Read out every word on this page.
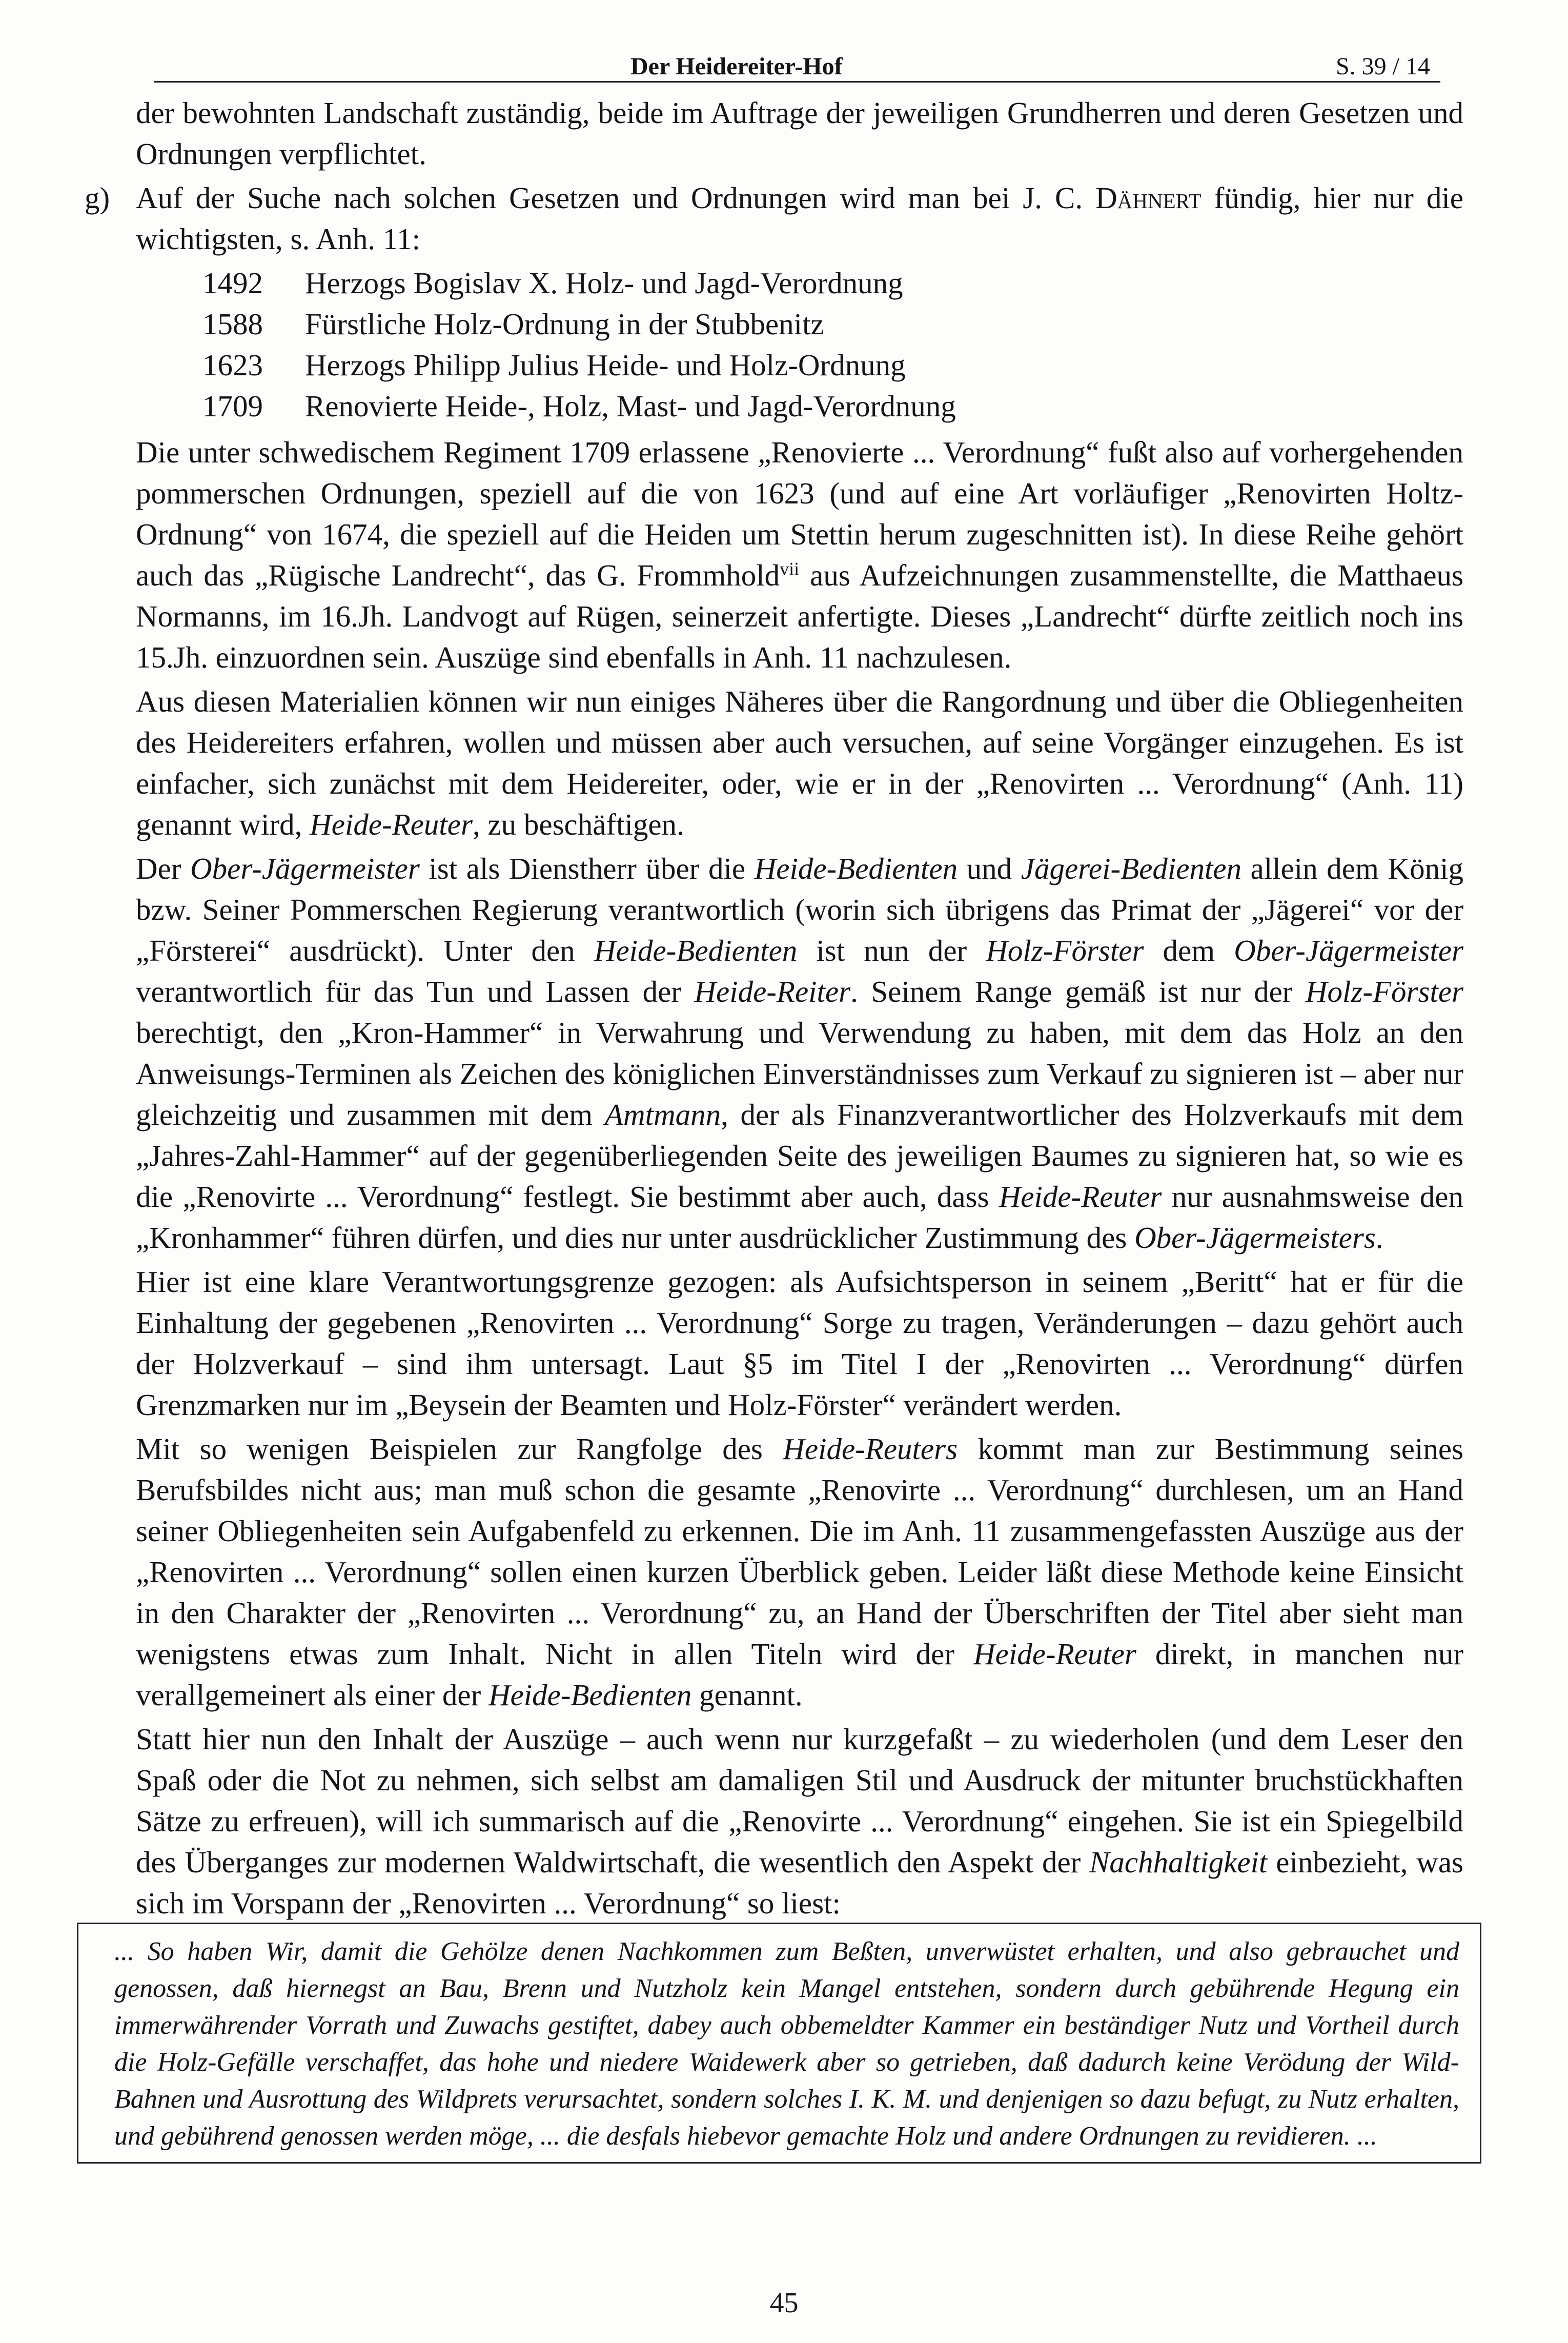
Der Heidereiter-Hof	S. 39 / 14

der bewohnten Landschaft zuständig, beide im Auftrage der jeweiligen Grundherren und deren Gesetzen und Ordnungen verpflichtet.

g) Auf der Suche nach solchen Gesetzen und Ordnungen wird man bei J. C. Dähnert fündig, hier nur die wichtigsten, s. Anh. 11:

1492	Herzogs Bogislav X. Holz- und Jagd-Verordnung
1588	Fürstliche Holz-Ordnung in der Stubbenitz
1623	Herzogs Philipp Julius Heide- und Holz-Ordnung
1709	Renovierte Heide-, Holz, Mast- und Jagd-Verordnung

Die unter schwedischem Regiment 1709 erlassene „Renovierte ... Verordnung“ fußt also auf vorhergehenden pommerschen Ordnungen, speziell auf die von 1623 (und auf eine Art vorläufiger „Renovirten Holtz-Ordnung“ von 1674, die speziell auf die Heiden um Stettin herum zugeschnitten ist). In diese Reihe gehört auch das „Rügische Landrecht“, das G. Frommhold$^{vii}$ aus Aufzeichnungen zusammenstellte, die Matthaeus Normanns, im 16.Jh. Landvogt auf Rügen, seinerzeit anfertigte. Dieses „Landrecht“ dürfte zeitlich noch ins 15.Jh. einzuordnen sein. Auszüge sind ebenfalls in Anh. 11 nachzulesen.

Aus diesen Materialien können wir nun einiges Näheres über die Rangordnung und über die Obliegenheiten des Heidereiters erfahren, wollen und müssen aber auch versuchen, auf seine Vorgänger einzugehen. Es ist einfacher, sich zunächst mit dem Heidereiter, oder, wie er in der „Renovirten ... Verordnung“ (Anh. 11) genannt wird, Heide-Reuter, zu beschäftigen.

Der Ober-Jägermeister ist als Dienstherr über die Heide-Bedienten und Jägerei-Bedienten allein dem König bzw. Seiner Pommerschen Regierung verantwortlich (worin sich übrigens das Primat der „Jägerei“ vor der „Försterei“ ausdrückt). Unter den Heide-Bedienten ist nun der Holz-Förster dem Ober-Jägermeister verantwortlich für das Tun und Lassen der Heide-Reiter. Seinem Range gemäß ist nur der Holz-Förster berechtigt, den „Kron-Hammer“ in Verwahrung und Verwendung zu haben, mit dem das Holz an den Anweisungs-Terminen als Zeichen des königlichen Einverständnisses zum Verkauf zu signieren ist – aber nur gleichzeitig und zusammen mit dem Amtmann, der als Finanzverantwortlicher des Holzverkaufs mit dem „Jahres-Zahl-Hammer“ auf der gegenüberliegenden Seite des jeweiligen Baumes zu signieren hat, so wie es die „Renovirte ... Verordnung“ festlegt. Sie bestimmt aber auch, dass Heide-Reuter nur ausnahmsweise den „Kronhammer“ führen dürfen, und dies nur unter ausdrücklicher Zustimmung des Ober-Jägermeisters.

Hier ist eine klare Verantwortungsgrenze gezogen: als Aufsichtsperson in seinem „Beritt“ hat er für die Einhaltung der gegebenen „Renovirten ... Verordnung“ Sorge zu tragen, Veränderungen – dazu gehört auch der Holzverkauf – sind ihm untersagt. Laut §5 im Titel I der „Renovirten ... Verordnung“ dürfen Grenzmarken nur im „Beysein der Beamten und Holz-Förster“ verändert werden.

Mit so wenigen Beispielen zur Rangfolge des Heide-Reuters kommt man zur Bestimmung seines Berufsbildes nicht aus; man muß schon die gesamte „Renovirte ... Verordnung“ durchlesen, um an Hand seiner Obliegenheiten sein Aufgabenfeld zu erkennen. Die im Anh. 11 zusammengefassten Auszüge aus der „Renovirten ... Verordnung“ sollen einen kurzen Überblick geben. Leider läßt diese Methode keine Einsicht in den Charakter der „Renovirten ... Verordnung“ zu, an Hand der Überschriften der Titel aber sieht man wenigstens etwas zum Inhalt. Nicht in allen Titeln wird der Heide-Reuter direkt, in manchen nur verallgemeinert als einer der Heide-Bedienten genannt.

Statt hier nun den Inhalt der Auszüge – auch wenn nur kurzgefaßt – zu wiederholen (und dem Leser den Spaß oder die Not zu nehmen, sich selbst am damaligen Stil und Ausdruck der mitunter bruchstückhaften Sätze zu erfreuen), will ich summarisch auf die „Renovirte ... Verordnung“ eingehen. Sie ist ein Spiegelbild des Überganges zur modernen Waldwirtschaft, die wesentlich den Aspekt der Nachhaltigkeit einbezieht, was sich im Vorspann der „Renovirten ... Verordnung“ so liest:

... So haben Wir, damit die Gehölze denen Nachkommen zum Beßten, unverwüstet erhalten, und also gebrauchet und genossen, daß hiernegst an Bau, Brenn und Nutzholz kein Mangel entstehen, sondern durch gebührende Hegung ein immerwährender Vorrath und Zuwachs gestiftet, dabey auch obbemeldter Kammer ein beständiger Nutz und Vortheil durch die Holz-Gefälle verschaffet, das hohe und niedere Waidewerk aber so getrieben, daß dadurch keine Verödung der Wild-Bahnen und Ausrottung des Wildprets verursachtet, sondern solches I. K. M. und denjenigen so dazu befugt, zu Nutz erhalten, und gebührend genossen werden möge, ... die desfals hiebevor gemachte Holz und andere Ordnungen zu revidieren. ...
45
